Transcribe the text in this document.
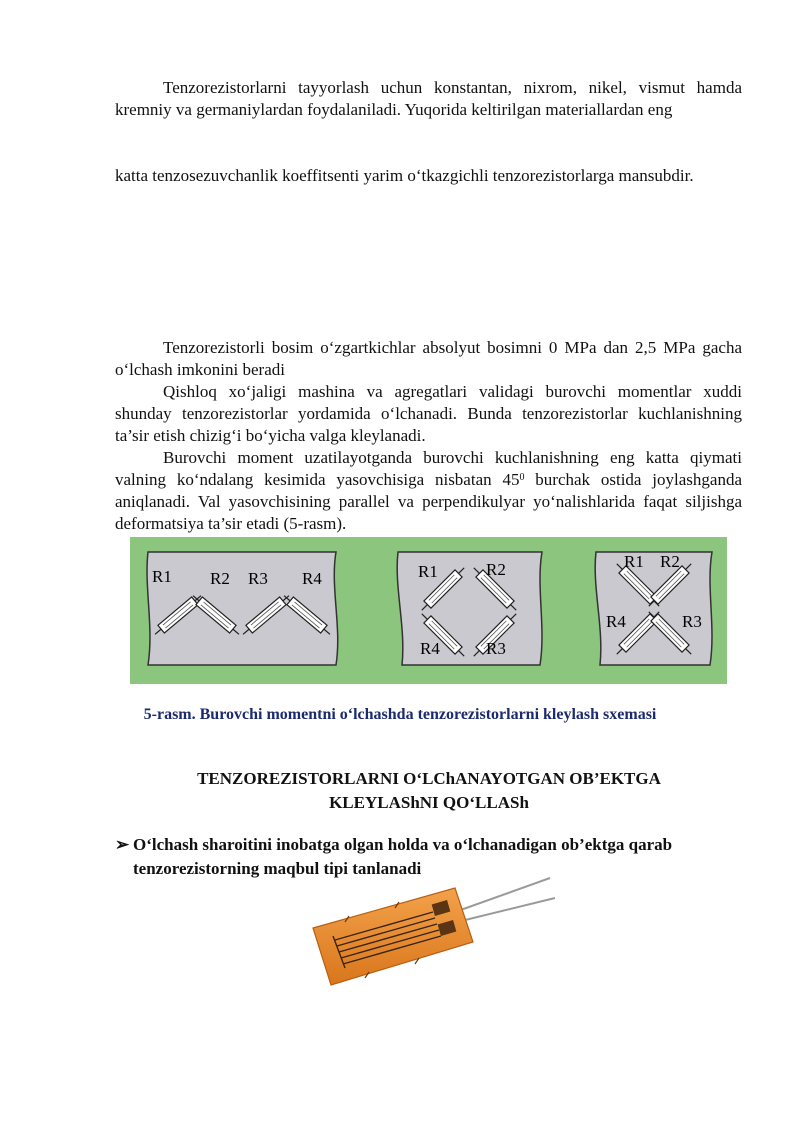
Tenzorezistorlarni tayyorlash uchun konstantan, nixrom, nikel, vismut hamda kremniy va germaniylardan foydalaniladi. Yuqorida keltirilgan materiallardan eng

katta tenzosezuvchanlik koeffitsenti yarim o‘tkazgichli tenzorezistorlarga mansubdir.

Tenzorezistorli bosim o‘zgartkichlar absolyut bosimni 0 MPa dan 2,5 MPa gacha o‘lchash imkonini beradi

Qishloq xo‘jaligi mashina va agregatlari validagi burovchi momentlar xuddi shunday tenzorezistorlar yordamida o‘lchanadi. Bunda tenzorezistorlar kuchlanishning ta’sir etish chizig‘i bo‘yicha valga kleylanadi.

Burovchi moment uzatilayotganda burovchi kuchlanishning eng katta qiymati valning ko‘ndalang kesimida yasovchisiga nisbatan $45^0$ burchak ostida joylashganda aniqlanadi. Val yasovchisining parallel va perpendikulyar yo‘nalishlarida faqat siljishga deformatsiya ta’sir etadi (5-rasm).

R1 R2 R3 R4	R1	R2
R4	R3
R1 R2
R4	R3
5-rasm. Burovchi momentni o‘lchashda tenzorezistorlarni kleylash sxemasi
TENZOREZISTORLARNI O‘LChANAYOTGAN OB’EKTGA
KLEYLAShNI QO‘LLASh
➢ O‘lchash sharoitini inobatga olgan holda va o‘lchanadigan ob’ektga qarab tenzorezistorning maqbul tipi tanlanadi
